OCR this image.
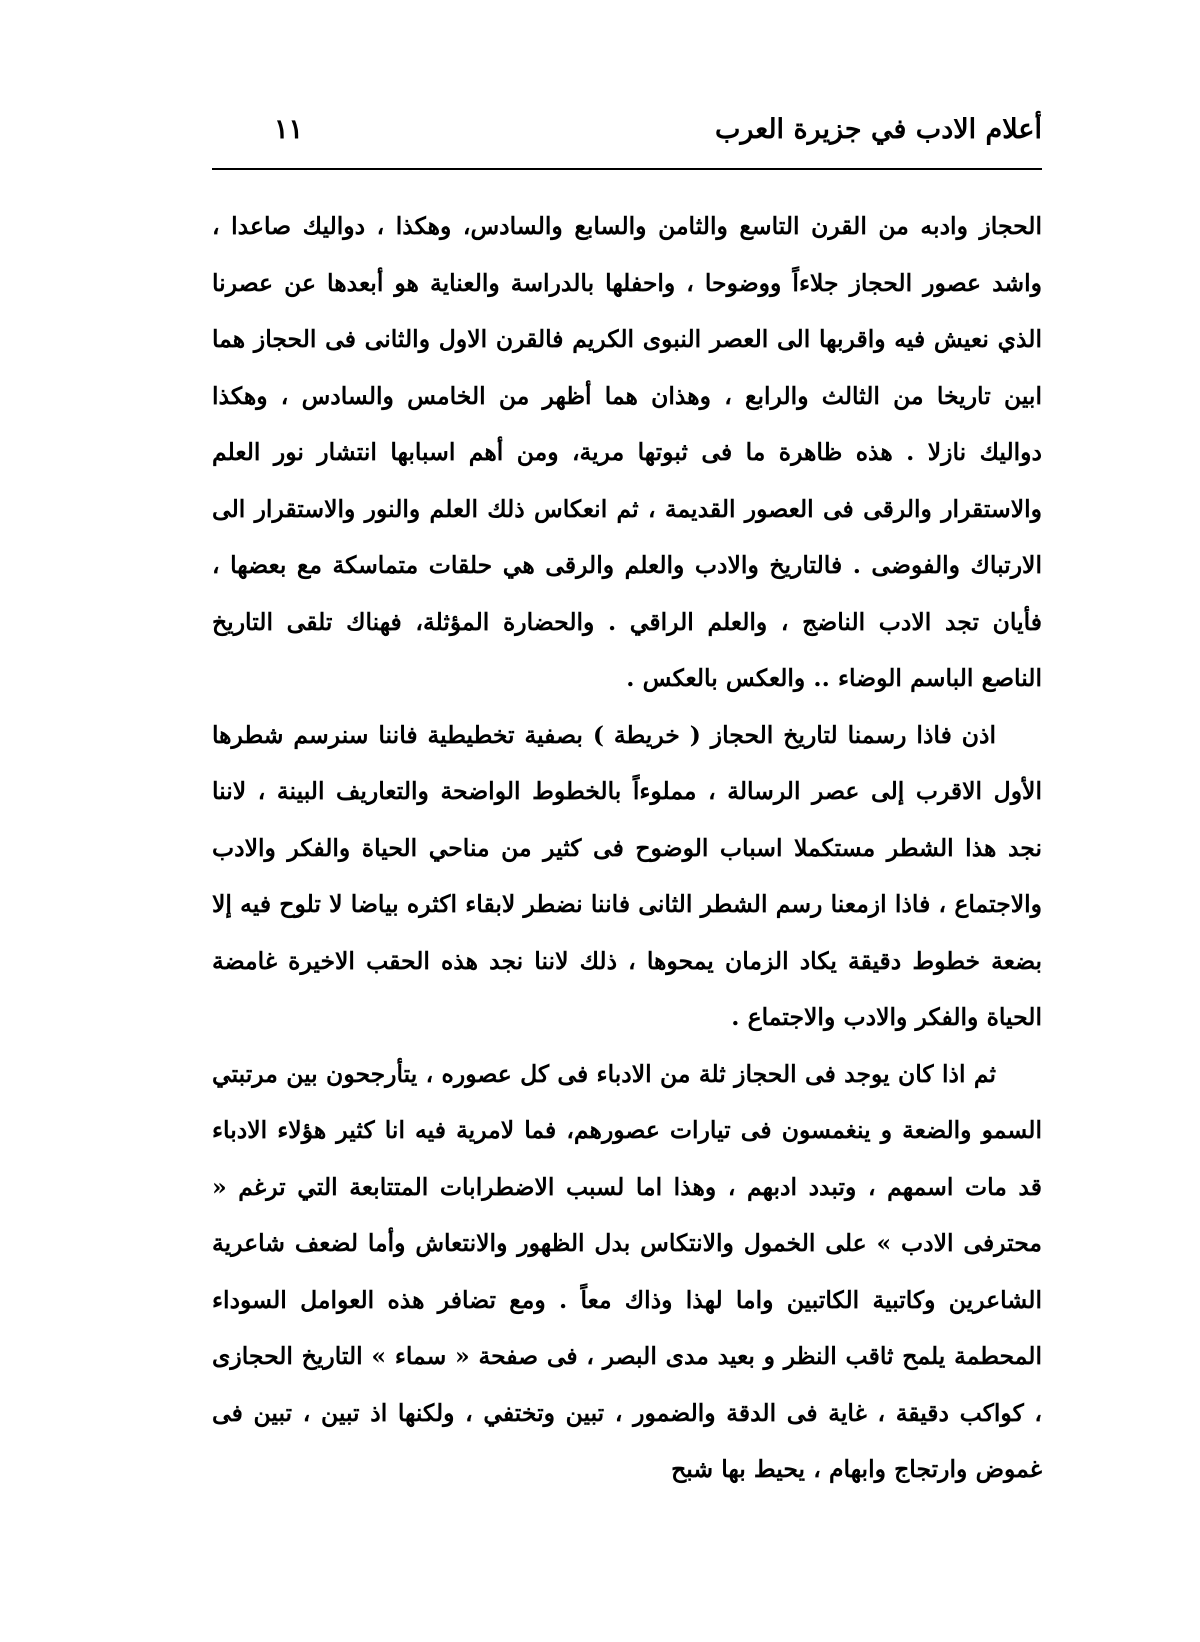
أعلام الادب في جزيرة العرب
١١

الحجاز وادبه من القرن التاسع والثامن والسابع والسادس، وهكذا ، دواليك صاعدا ، واشد عصور الحجاز جلاءاً ووضوحا ، واحفلها بالدراسة والعناية هو أبعدها عن عصرنا الذي نعيش فيه واقربها الى العصر النبوى الكريم فالقرن الاول والثانى فى الحجاز هما ابين تاريخا من الثالث والرابع ، وهذان هما أظهر من الخامس والسادس ، وهكذا دواليك نازلا . هذه ظاهرة ما فى ثبوتها مرية، ومن أهم اسبابها انتشار نور العلم والاستقرار والرقى فى العصور القديمة ، ثم انعكاس ذلك العلم والنور والاستقرار الى الارتباك والفوضى . فالتاريخ والادب والعلم والرقى هي حلقات متماسكة مع بعضها ، فأيان تجد الادب الناضج ، والعلم الراقي . والحضارة المؤثلة، فهناك تلقى التاريخ الناصع الباسم الوضاء .. والعكس بالعكس .

اذن فاذا رسمنا لتاريخ الحجاز ( خريطة ) بصفية تخطيطية فاننا سنرسم شطرها الأول الاقرب إلى عصر الرسالة ، مملوءاً بالخطوط الواضحة والتعاريف البينة ، لاننا نجد هذا الشطر مستكملا اسباب الوضوح فى كثير من مناحي الحياة والفكر والادب والاجتماع ، فاذا ازمعنا رسم الشطر الثانى فاننا نضطر لابقاء اكثره بياضا لا تلوح فيه إلا بضعة خطوط دقيقة يكاد الزمان يمحوها ، ذلك لاننا نجد هذه الحقب الاخيرة غامضة الحياة والفكر والادب والاجتماع .

ثم اذا كان يوجد فى الحجاز ثلة من الادباء فى كل عصوره ، يتأرجحون بين مرتبتي السمو والضعة و ينغمسون فى تيارات عصورهم، فما لامرية فيه انا كثير هؤلاء الادباء قد مات اسمهم ، وتبدد ادبهم ، وهذا اما لسبب الاضطرابات المتتابعة التي ترغم « محترفى الادب » على الخمول والانتكاس بدل الظهور والانتعاش وأما لضعف شاعرية الشاعرين وكاتبية الكاتبين واما لهذا وذاك معاً . ومع تضافر هذه العوامل السوداء المحطمة يلمح ثاقب النظر و بعيد مدى البصر ، فى صفحة « سماء » التاريخ الحجازى ، كواكب دقيقة ، غاية فى الدقة والضمور ، تبين وتختفي ، ولكنها اذ تبين ، تبين فى غموض وارتجاج وابهام ، يحيط بها شبح
